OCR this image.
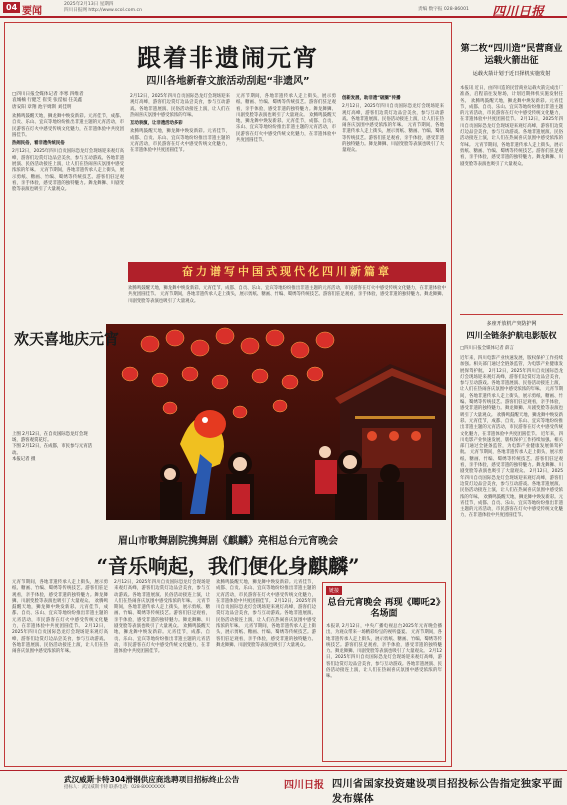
04 要闻
2025年2月13日 星期四
四川日报网 http://www.scol.com.cn	责编 数字报 028-86001 四川日报
跟着非遗闹元宵
四川各地新春文旅活动刮起“非遗风”
□四川日报全媒体记者 李寒 四维者
袁城楠 行健芝 崔雯 张滢福 任美鑫
唐安阳 章翔 池宇姆斯 刘佳明
欢腾鸣鼓醒天地，狮龙舞中焕发新彩。元宵佳节，成都、自贡、乐山、宜宾等地纷纷推出非遗主题的元宵活动，市民游客在灯火中感受传统文化魅力，在非遗体验中共度团圆佳节。
热闹民俗，看非遗传统民俗
2月12日，2025年四川自贡国际恐龙灯会现场迎来观灯高峰，游客们边赏灯边品尝美食，参与互动游戏。各地非遗展演、民俗活动接连上演，让人们在热闹喜庆氛围中感受浓浓的年味。 元宵节期间，各地非遗传承人走上街头，展示剪纸、糖画、竹编、蜀绣等传统技艺。游客们驻足观看，亲手体验，感受非遗的独特魅力。舞龙舞狮、川剧变脸等表演也吸引了大量观众。
2月12日，2025年四川自贡国际恐龙灯会现场迎来观灯高峰，游客们边赏灯边品尝美食，参与互动游戏。各地非遗展演、民俗活动接连上演，让人们在热闹喜庆氛围中感受浓浓的年味。
互动表演，让非遗活动多彩
欢腾鸣鼓醒天地，狮龙舞中焕发新彩。元宵佳节，成都、自贡、乐山、宜宾等地纷纷推出非遗主题的元宵活动，市民游客在灯火中感受传统文化魅力，在非遗体验中共度团圆佳节。
元宵节期间，各地非遗传承人走上街头，展示剪纸、糖画、竹编、蜀绣等传统技艺。游客们驻足观看，亲手体验，感受非遗的独特魅力。舞龙舞狮、川剧变脸等表演也吸引了大量观众。 欢腾鸣鼓醒天地，狮龙舞中焕发新彩。元宵佳节，成都、自贡、乐山、宜宾等地纷纷推出非遗主题的元宵活动，市民游客在灯火中感受传统文化魅力，在非遗体验中共度团圆佳节。
创新发展，助非遗“破圈”传播
2月12日，2025年四川自贡国际恐龙灯会现场迎来观灯高峰，游客们边赏灯边品尝美食，参与互动游戏。各地非遗展演、民俗活动接连上演，让人们在热闹喜庆氛围中感受浓浓的年味。 元宵节期间，各地非遗传承人走上街头，展示剪纸、糖画、竹编、蜀绣等传统技艺。游客们驻足观看，亲手体验，感受非遗的独特魅力。舞龙舞狮、川剧变脸等表演也吸引了大量观众。
奋力谱写中国式现代化四川新篇章
欢腾鸣鼓醒天地，狮龙舞中焕发新彩。元宵佳节，成都、自贡、乐山、宜宾等地纷纷推出非遗主题的元宵活动，市民游客在灯火中感受传统文化魅力，在非遗体验中共度团圆佳节。 元宵节期间，各地非遗传承人走上街头，展示剪纸、糖画、竹编、蜀绣等传统技艺。游客们驻足观看，亲手体验，感受非遗的独特魅力。舞龙舞狮、川剧变脸等表演也吸引了大量观众。
欢天喜地庆元宵
上图 2月12日，在自贡国际恐龙灯会现场，游客观赏花灯。
下图 2月12日，在成都，市民参与元宵活动。
本报记者 摄
眉山市歌舞剧院携舞剧《麒麟》亮相总台元宵晚会
“音乐响起，我们便化身麒麟”
元宵节期间，各地非遗传承人走上街头，展示剪纸、糖画、竹编、蜀绣等传统技艺。游客们驻足观看，亲手体验，感受非遗的独特魅力。舞龙舞狮、川剧变脸等表演也吸引了大量观众。 欢腾鸣鼓醒天地，狮龙舞中焕发新彩。元宵佳节，成都、自贡、乐山、宜宾等地纷纷推出非遗主题的元宵活动，市民游客在灯火中感受传统文化魅力，在非遗体验中共度团圆佳节。 2月12日，2025年四川自贡国际恐龙灯会现场迎来观灯高峰，游客们边赏灯边品尝美食，参与互动游戏。各地非遗展演、民俗活动接连上演，让人们在热闹喜庆氛围中感受浓浓的年味。
2月12日，2025年四川自贡国际恐龙灯会现场迎来观灯高峰，游客们边赏灯边品尝美食，参与互动游戏。各地非遗展演、民俗活动接连上演，让人们在热闹喜庆氛围中感受浓浓的年味。 元宵节期间，各地非遗传承人走上街头，展示剪纸、糖画、竹编、蜀绣等传统技艺。游客们驻足观看，亲手体验，感受非遗的独特魅力。舞龙舞狮、川剧变脸等表演也吸引了大量观众。 欢腾鸣鼓醒天地，狮龙舞中焕发新彩。元宵佳节，成都、自贡、乐山、宜宾等地纷纷推出非遗主题的元宵活动，市民游客在灯火中感受传统文化魅力，在非遗体验中共度团圆佳节。
欢腾鸣鼓醒天地，狮龙舞中焕发新彩。元宵佳节，成都、自贡、乐山、宜宾等地纷纷推出非遗主题的元宵活动，市民游客在灯火中感受传统文化魅力，在非遗体验中共度团圆佳节。 2月12日，2025年四川自贡国际恐龙灯会现场迎来观灯高峰，游客们边赏灯边品尝美食，参与互动游戏。各地非遗展演、民俗活动接连上演，让人们在热闹喜庆氛围中感受浓浓的年味。 元宵节期间，各地非遗传承人走上街头，展示剪纸、糖画、竹编、蜀绣等传统技艺。游客们驻足观看，亲手体验，感受非遗的独特魅力。舞龙舞狮、川剧变脸等表演也吸引了大量观众。
链接
总台元宵晚会 再现《唧吒2》名场面
本报讯 2月12日，中央广播电视总台2025年元宵晚会播出，为观众带来一场精彩纷呈的视听盛宴。 元宵节期间，各地非遗传承人走上街头，展示剪纸、糖画、竹编、蜀绣等传统技艺。游客们驻足观看，亲手体验，感受非遗的独特魅力。舞龙舞狮、川剧变脸等表演也吸引了大量观众。 2月12日，2025年四川自贡国际恐龙灯会现场迎来观灯高峰，游客们边赏灯边品尝美食，参与互动游戏。各地非遗展演、民俗活动接连上演，让人们在热闹喜庆氛围中感受浓浓的年味。
第二枚“四川造”民营商业运载火箭出征
运载火箭计划于近日择机实施发射
本报讯 近日，由四川造的民营商业运载火箭完成出厂准备，启程前往发射场，计划近期择机实施发射任务。 欢腾鸣鼓醒天地，狮龙舞中焕发新彩。元宵佳节，成都、自贡、乐山、宜宾等地纷纷推出非遗主题的元宵活动，市民游客在灯火中感受传统文化魅力，在非遗体验中共度团圆佳节。 2月12日，2025年四川自贡国际恐龙灯会现场迎来观灯高峰，游客们边赏灯边品尝美食，参与互动游戏。各地非遗展演、民俗活动接连上演，让人们在热闹喜庆氛围中感受浓浓的年味。 元宵节期间，各地非遗传承人走上街头，展示剪纸、糖画、竹编、蜀绣等传统技艺。游客们驻足观看，亲手体验，感受非遗的独特魅力。舞龙舞狮、川剧变脸等表演也吸引了大量观众。
多座开放机产突防护网
四川全链条护航电影版权
□四川日报全媒体记者 薛言
近年来，四川电影产业快速发展，版权保护工作持续加强。相关部门通过全链条监管，为电影产业健康发展保驾护航。 2月12日，2025年四川自贡国际恐龙灯会现场迎来观灯高峰，游客们边赏灯边品尝美食，参与互动游戏。各地非遗展演、民俗活动接连上演，让人们在热闹喜庆氛围中感受浓浓的年味。 元宵节期间，各地非遗传承人走上街头，展示剪纸、糖画、竹编、蜀绣等传统技艺。游客们驻足观看，亲手体验，感受非遗的独特魅力。舞龙舞狮、川剧变脸等表演也吸引了大量观众。 欢腾鸣鼓醒天地，狮龙舞中焕发新彩。元宵佳节，成都、自贡、乐山、宜宾等地纷纷推出非遗主题的元宵活动，市民游客在灯火中感受传统文化魅力，在非遗体验中共度团圆佳节。 近年来，四川电影产业快速发展，版权保护工作持续加强。相关部门通过全链条监管，为电影产业健康发展保驾护航。 元宵节期间，各地非遗传承人走上街头，展示剪纸、糖画、竹编、蜀绣等传统技艺。游客们驻足观看，亲手体验，感受非遗的独特魅力。舞龙舞狮、川剧变脸等表演也吸引了大量观众。 2月12日，2025年四川自贡国际恐龙灯会现场迎来观灯高峰，游客们边赏灯边品尝美食，参与互动游戏。各地非遗展演、民俗活动接连上演，让人们在热闹喜庆氛围中感受浓浓的年味。 欢腾鸣鼓醒天地，狮龙舞中焕发新彩。元宵佳节，成都、自贡、乐山、宜宾等地纷纷推出非遗主题的元宵活动，市民游客在灯火中感受传统文化魅力，在非遗体验中共度团圆佳节。
武汉威斯卡特304滑钢供应商选聘项目招标终止公告
招标人：武汉威斯卡特 联系电话：028-8XXXXXXX	四川日报 四川省国家投资建设项目招投标公告指定独家平面发布媒体
